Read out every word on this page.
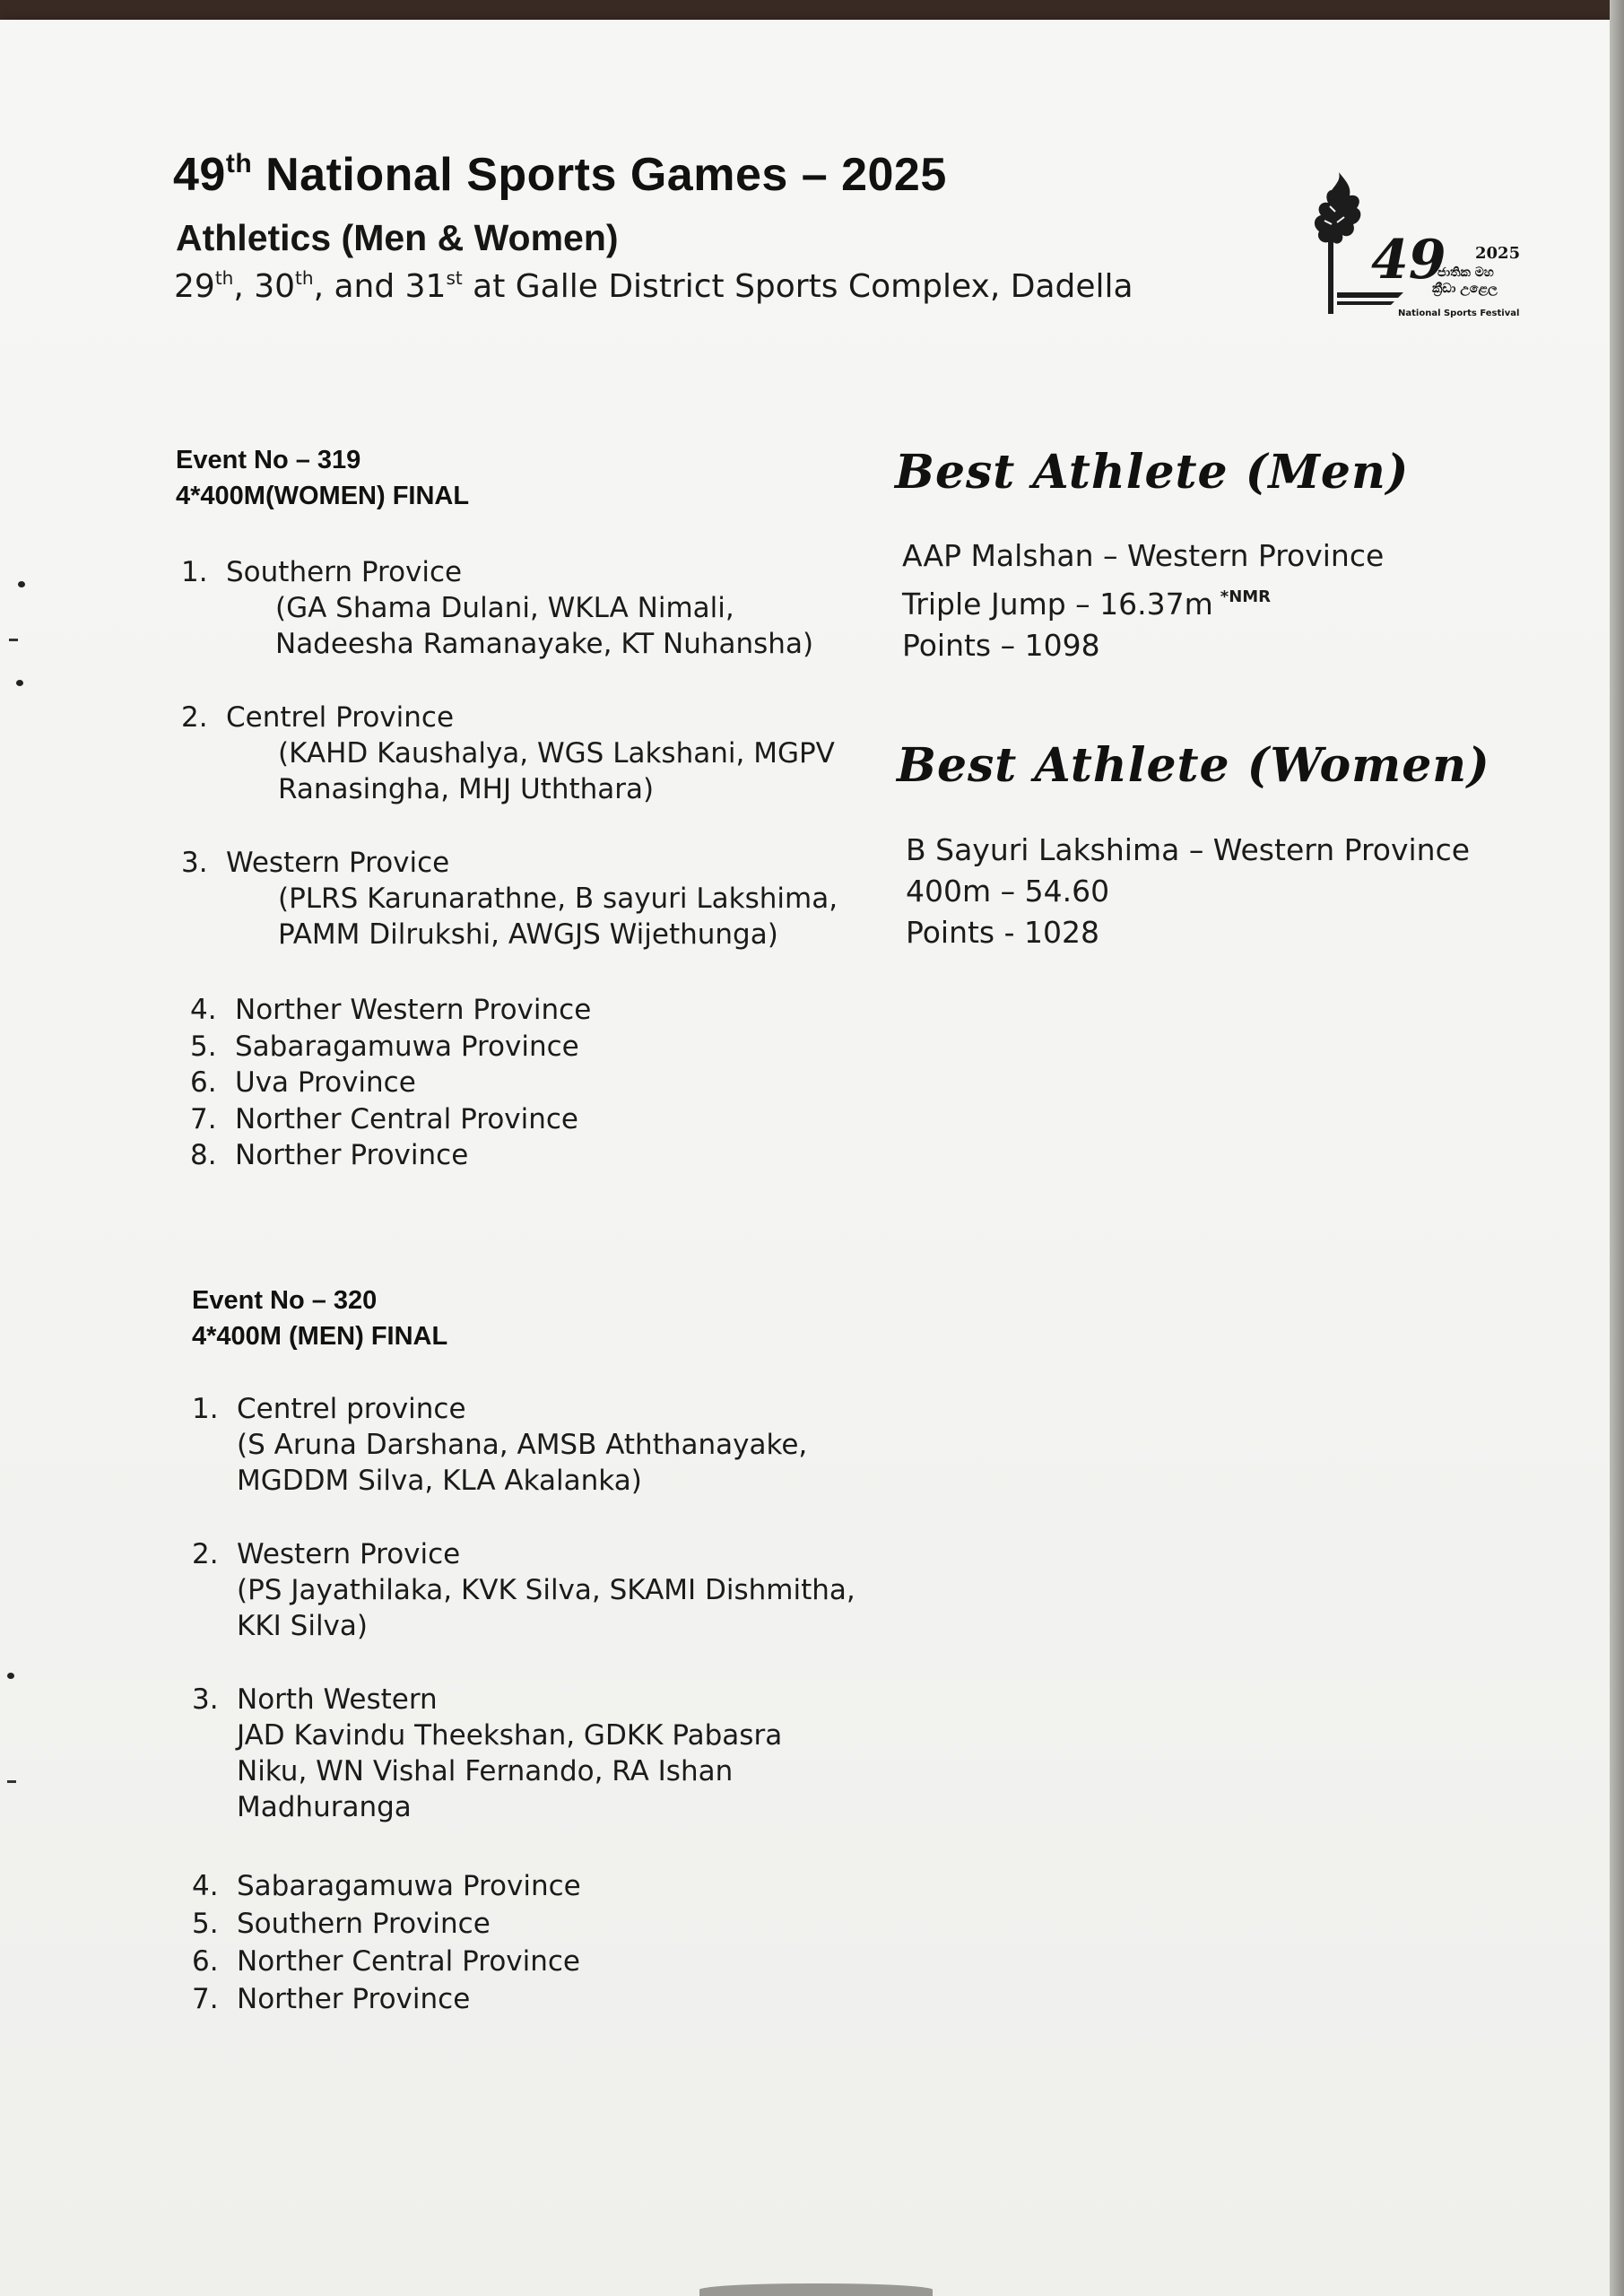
49th National Sports Games – 2025
Athletics (Men & Women)
29th, 30th, and 31st at Galle District Sports Complex, Dadella	49 2025
ජාතික මහ
ක්‍රීඩා උළෙල
National Sports Festival
Event No – 319
4*400M(WOMEN) FINAL
1. Southern Provice
(GA Shama Dulani, WKLA Nimali,
Nadeesha Ramanayake, KT Nuhansha)
2. Centrel Province
(KAHD Kaushalya, WGS Lakshani, MGPV
Ranasingha, MHJ Uththara)
3. Western Provice
(PLRS Karunarathne, B sayuri Lakshima,
PAMM Dilrukshi, AWGJS Wijethunga)
4. Norther Western Province
5. Sabaragamuwa Province
6. Uva Province
7. Norther Central Province
8. Norther Province
Event No – 320
4*400M (MEN) FINAL
1. Centrel province
(S Aruna Darshana, AMSB Aththanayake,
MGDDM Silva, KLA Akalanka)
2. Western Provice
(PS Jayathilaka, KVK Silva, SKAMI Dishmitha,
KKI Silva)
3. North Western
JAD Kavindu Theekshan, GDKK Pabasra
Niku, WN Vishal Fernando, RA Ishan
Madhuranga
4. Sabaragamuwa Province
5. Southern Province
6. Norther Central Province
7. Norther Province
Best Athlete (Men)
AAP Malshan – Western Province
Triple Jump – 16.37m $^{*NMR}$
Points – 1098
Best Athlete (Women)
B Sayuri Lakshima – Western Province
400m – 54.60
Points - 1028
